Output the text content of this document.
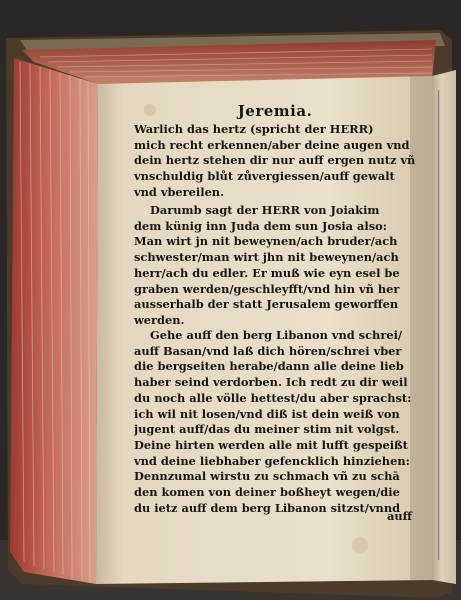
Jeremia.
Warlich das hertz (spricht der HERR)
mich recht erkennen/aber deine augen vnd
dein hertz stehen dir nur auff ergen nutz vñ
vnschuldig blůt zůvergiessen/auff gewalt
vnd vbereilen.
Darumb sagt der HERR von Joiakim
dem künig inn Juda dem sun Josia also:
Man wirt jn nit beweynen/ach bruder/ach
schwester/man wirt jhn nit beweynen/ach
herr/ach du edler. Er muß wie eyn esel be
graben werden/geschleyfft/vnd hin vñ her
ausserhalb der statt Jerusalem geworffen
werden.
Gehe auff den berg Libanon vnd schrei/
auff Basan/vnd laß dich hören/schrei vber
die bergseiten herabe/dann alle deine lieb
haber seind verdorben. Ich redt zu dir weil
du noch alle völle hettest/du aber sprachst:
ich wil nit losen/vnd diß ist dein weiß von
jugent auff/das du meiner stim nit volgst.
Deine hirten werden alle mit lufft gespeißt
vnd deine liebhaber gefencklich hinziehen:
Dennzumal wirstu zu schmach vñ zu schā
den komen von deiner boßheyt wegen/die
du ietz auff dem berg Libanon sitzst/vnnd
auff
